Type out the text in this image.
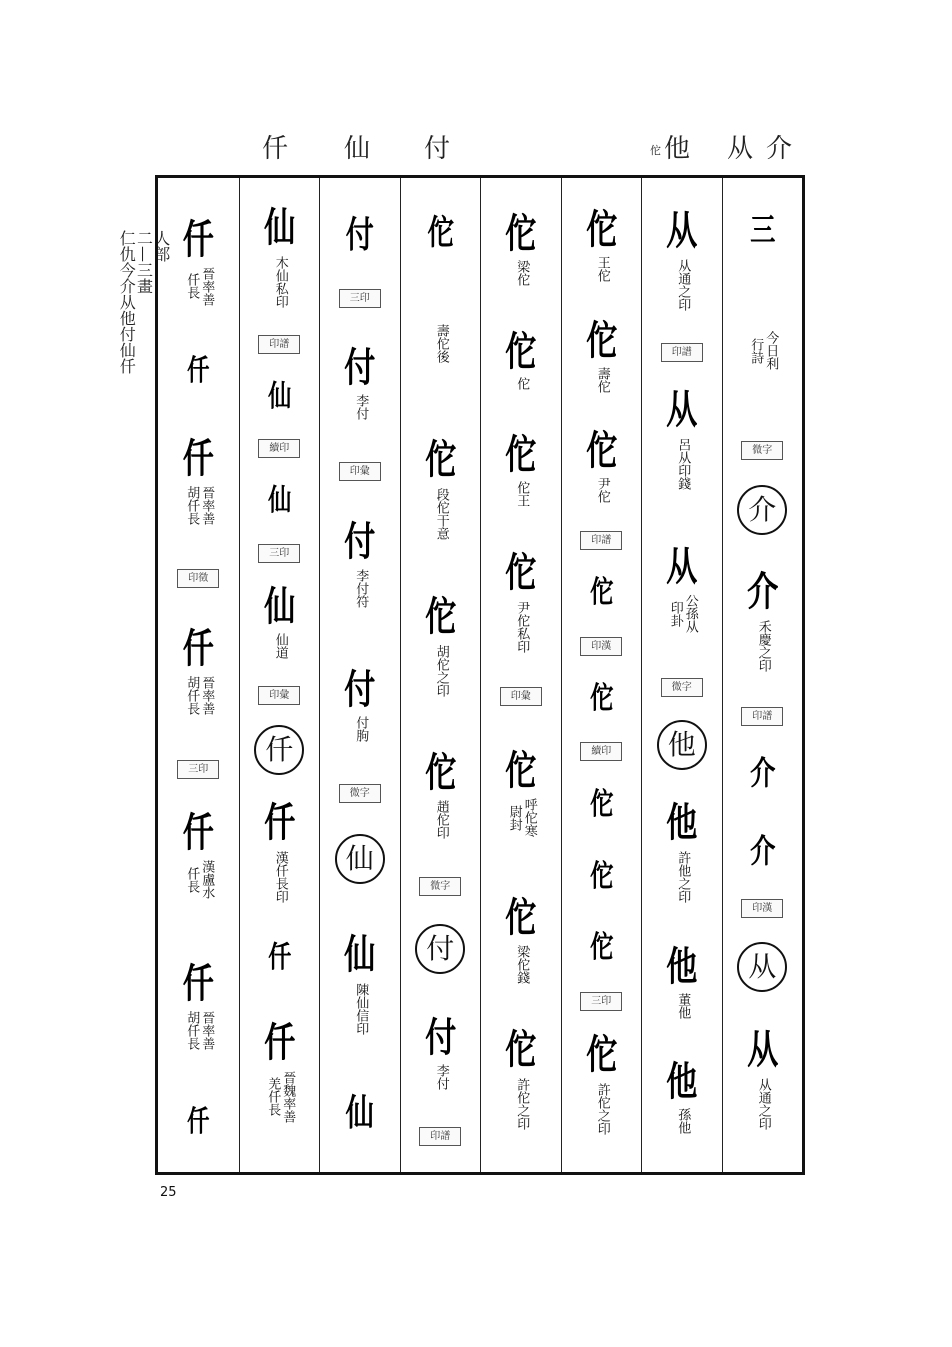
仟 仙 付	佗 他 从 介
人部
二—三畫
仁仇今介从他付仙仟	仟
晉率善仟長
仟
仟
晉率善胡仟長
印徵
仟
晉率善胡仟長
三印
仟
漢盧水仟長
仟
晉率善胡仟長
仟
仙
木仙私印
印譜
仙
續印
仙
三印
仙
仙道
印彙
仟
仟
漢仟長印
仟
仟
晉魏率善羌仟長
付
三印
付
李付
印彙
付
李付符
付
付朐
微字
仙
仙
陳仙信印
仙
佗
壽佗後
佗
段佗干意
佗
胡佗之印
佗
趙佗印
微字
付
付
李付
印譜
佗
梁佗
佗
佗
佗
佗王
佗
尹佗私印
印彙
佗
呼佗寒尉封
佗
梁佗錢
佗
許佗之印
佗
王佗
佗
壽佗
佗
尹佗
印譜
佗
印漢
佗
續印
佗
佗
佗
三印
佗
許佗之印
从
从通之印
印譜
从
呂从印錢
从
公孫从印卦
微字
他
他
許他之印
他
董他
他
孫他
三
今日利行詩
微字
介
介
禾慶之印
印譜
介
介
印漢
从
从
从通之印
25
